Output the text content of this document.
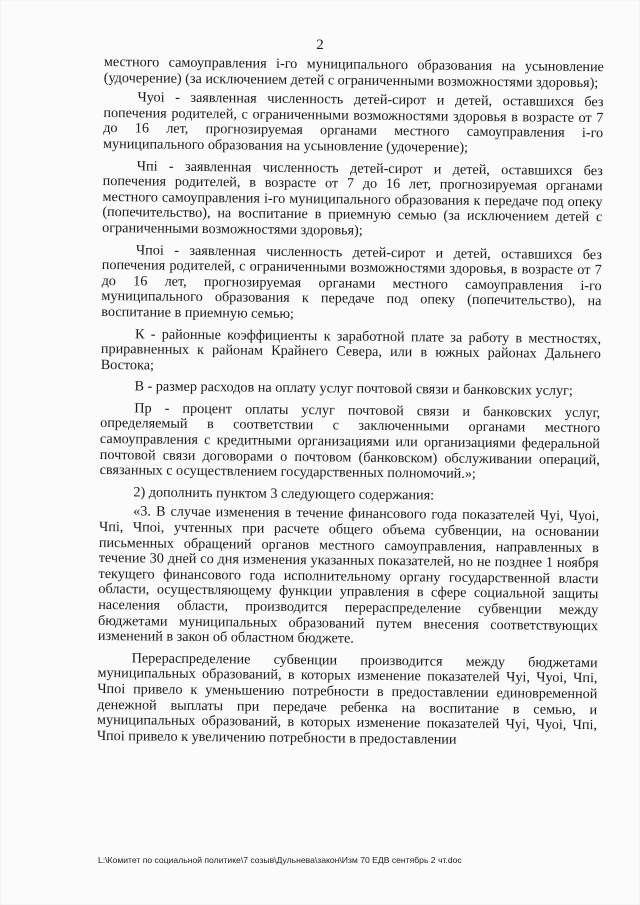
2

местного самоуправления i-го муниципального образования на усыновление (удочерение) (за исключением детей с ограниченными возможностями здоровья);

Чуоi - заявленная численность детей-сирот и детей, оставшихся без попечения родителей, с ограниченными возможностями здоровья в возрасте от 7 до 16 лет, прогнозируемая органами местного самоуправления i-го муниципального образования на усыновление (удочерение);

Чпi - заявленная численность детей-сирот и детей, оставшихся без попечения родителей, в возрасте от 7 до 16 лет, прогнозируемая органами местного самоуправления i-го муниципального образования к передаче под опеку (попечительство), на воспитание в приемную семью (за исключением детей с ограниченными возможностями здоровья);

Чпоi - заявленная численность детей-сирот и детей, оставшихся без попечения родителей, с ограниченными возможностями здоровья, в возрасте от 7 до 16 лет, прогнозируемая органами местного самоуправления i-го муниципального образования к передаче под опеку (попечительство), на воспитание в приемную семью;

К - районные коэффициенты к заработной плате за работу в местностях, приравненных к районам Крайнего Севера, или в южных районах Дальнего Востока;

В - размер расходов на оплату услуг почтовой связи и банковских услуг;

Пр - процент оплаты услуг почтовой связи и банковских услуг, определяемый в соответствии с заключенными органами местного самоуправления с кредитными организациями или организациями федеральной почтовой связи договорами о почтовом (банковском) обслуживании операций, связанных с осуществлением государственных полномочий.»;

2) дополнить пунктом 3 следующего содержания:

«3. В случае изменения в течение финансового года показателей Чуi, Чуоi, Чпi, Чпоi, учтенных при расчете общего объема субвенции, на основании письменных обращений органов местного самоуправления, направленных в течение 30 дней со дня изменения указанных показателей, но не позднее 1 ноября текущего финансового года исполнительному органу государственной власти области, осуществляющему функции управления в сфере социальной защиты населения области, производится перераспределение субвенции между бюджетами муниципальных образований путем внесения соответствующих изменений в закон об областном бюджете.

Перераспределение субвенции производится между бюджетами муниципальных образований, в которых изменение показателей Чуi, Чуоi, Чпi, Чпоi привело к уменьшению потребности в предоставлении единовременной денежной выплаты при передаче ребенка на воспитание в семью, и муниципальных образований, в которых изменение показателей Чуi, Чуоi, Чпi, Чпоi привело к увеличению потребности в предоставлении

L:\Комитет по социальной политике\7 созыв\Дульнева\закон\Изм 70 ЕДВ сентябрь 2 чт.doc
